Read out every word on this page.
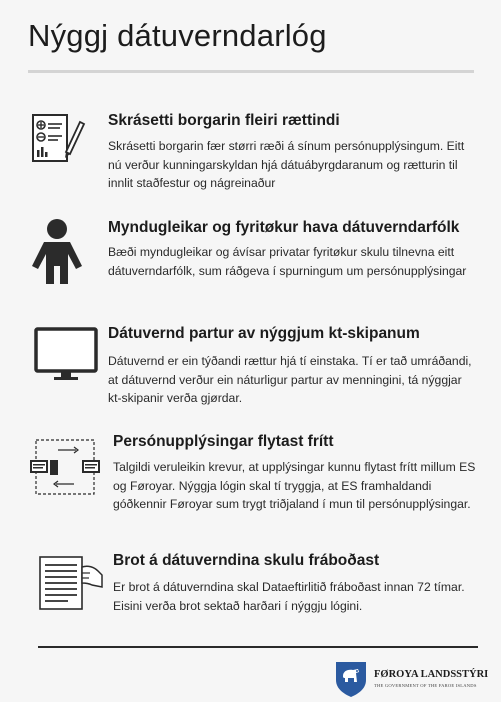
Nýggj dátuverndarlóg
Skrásetti borgarin fleiri rættindi

Skrásetti borgarin fær størri ræði á sínum persónupplýsingum. Eitt nú verður kunningarskyldan hjá dátuábyrgdaranum og rætturin til innlit staðfestur og nágreinaður

Myndugleikar og fyritøkur hava dátuverndarfólk

Bæði myndugleikar og ávísar privatar fyritøkur skulu tilnevna eitt dátuverndarfólk, sum ráðgeva í spurningum um persónupplýsingar

Dátuvernd partur av nýggjum kt-skipanum

Dátuvernd er ein týðandi rættur hjá tí einstaka. Tí er tað umráðandi, at dátuvernd verður ein náturligur partur av menningini, tá nýggjar kt-skipanir verða gjørdar.

Persónupplýsingar flytast frítt

Talgildi veruleikin krevur, at upplýsingar kunnu flytast frítt millum ES og Føroyar. Nýggja lógin skal tí tryggja, at ES framhaldandi góðkennir Føroyar sum trygt triðjaland í mun til persónupplýsingar.

Brot á dátuverndina skulu fráboðast

Er brot á dátuverndina skal Dataeftirlitið fráboðast innan 72 tímar. Eisini verða brot sektað harðari í nýggju lógini.

FØROYA LANDSSTÝRI
THE GOVERNMENT OF THE FAROE ISLANDS
